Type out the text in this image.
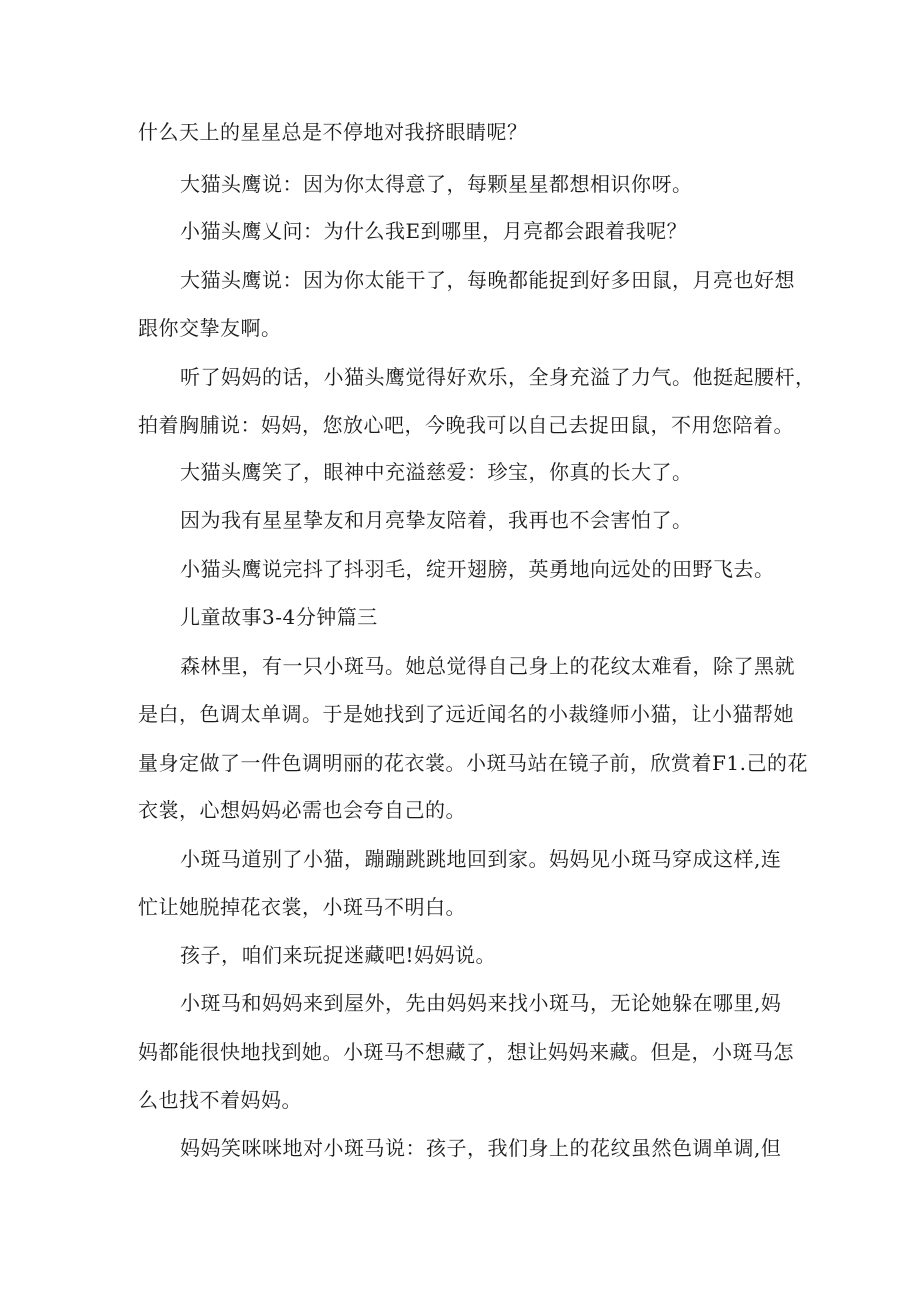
什么天上的星星总是不停地对我挤眼睛呢？
大猫头鹰说：因为你太得意了，每颗星星都想相识你呀。
小猫头鹰乂问：为什么我E到哪里，月亮都会跟着我呢？
大猫头鹰说：因为你太能干了，每晚都能捉到好多田鼠，月亮也好想
跟你交挚友啊。
听了妈妈的话，小猫头鹰觉得好欢乐，全身充溢了力气。他挺起腰杆，
拍着胸脯说：妈妈，您放心吧，今晚我可以自己去捉田鼠，不用您陪着。
大猫头鹰笑了，眼神中充溢慈爱：珍宝，你真的长大了。
因为我有星星挚友和月亮挚友陪着，我再也不会害怕了。
小猫头鹰说完抖了抖羽毛，绽开翅膀，英勇地向远处的田野飞去。
儿童故事3-4分钟篇三
森林里，有一只小斑马。她总觉得自己身上的花纹太难看，除了黑就
是白，色调太单调。于是她找到了远近闻名的小裁缝师小猫，让小猫帮她
量身定做了一件色调明丽的花衣裳。小斑马站在镜子前，欣赏着F1.己的花
衣裳，心想妈妈必需也会夸自己的。
小斑马道别了小猫，蹦蹦跳跳地回到家。妈妈见小斑马穿成这样,连
忙让她脱掉花衣裳，小斑马不明白。
孩子，咱们来玩捉迷藏吧!妈妈说。
小斑马和妈妈来到屋外，先由妈妈来找小斑马，无论她躲在哪里,妈
妈都能很快地找到她。小斑马不想藏了，想让妈妈来藏。但是，小斑马怎
么也找不着妈妈。
妈妈笑咪咪地对小斑马说：孩子，我们身上的花纹虽然色调单调,但
